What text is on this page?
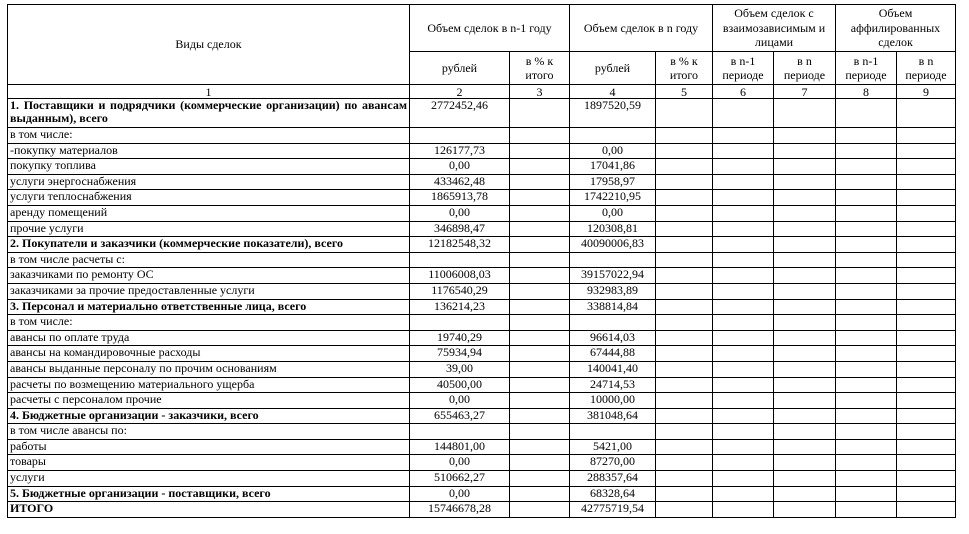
Виды сделок	Объем сделок в n-1 году		Объем сделок в n году		Объем сделок с взаимозависимым и лицами		Объем аффилированных сделок	
	рублей	в % к итого	рублей	в % к итого	в n-1 периоде	в n периоде	в n-1 периоде	в n периоде
1	2	3	4	5	6	7	8	9
1. Поставщики и подрядчики (коммерческие организации) по авансам выданным), всего	2772452,46		1897520,59					
в том числе:								
-покупку материалов	126177,73		0,00					
покупку топлива	0,00		17041,86					
услуги энергоснабжения	433462,48		17958,97					
услуги теплоснабжения	1865913,78		1742210,95					
аренду помещений	0,00		0,00					
прочие услуги	346898,47		120308,81					
2. Покупатели и заказчики (коммерческие показатели), всего	12182548,32		40090006,83					
в том числе расчеты с:								
заказчиками по ремонту ОС	11006008,03		39157022,94					
заказчиками за прочие предоставленные услуги	1176540,29		932983,89					
3. Персонал и материально ответственные лица, всего	136214,23		338814,84					
в том числе:								
авансы по оплате труда	19740,29		96614,03					
авансы на командировочные расходы	75934,94		67444,88					
авансы выданные персоналу по прочим основаниям	39,00		140041,40					
расчеты по возмещению материального ущерба	40500,00		24714,53					
расчеты с персоналом прочие	0,00		10000,00					
4. Бюджетные организации - заказчики, всего	655463,27		381048,64					
в том числе авансы по:								
работы	144801,00		5421,00					
товары	0,00		87270,00					
услуги	510662,27		288357,64					
5. Бюджетные организации - поставщики, всего	0,00		68328,64					
ИТОГО	15746678,28		42775719,54					
